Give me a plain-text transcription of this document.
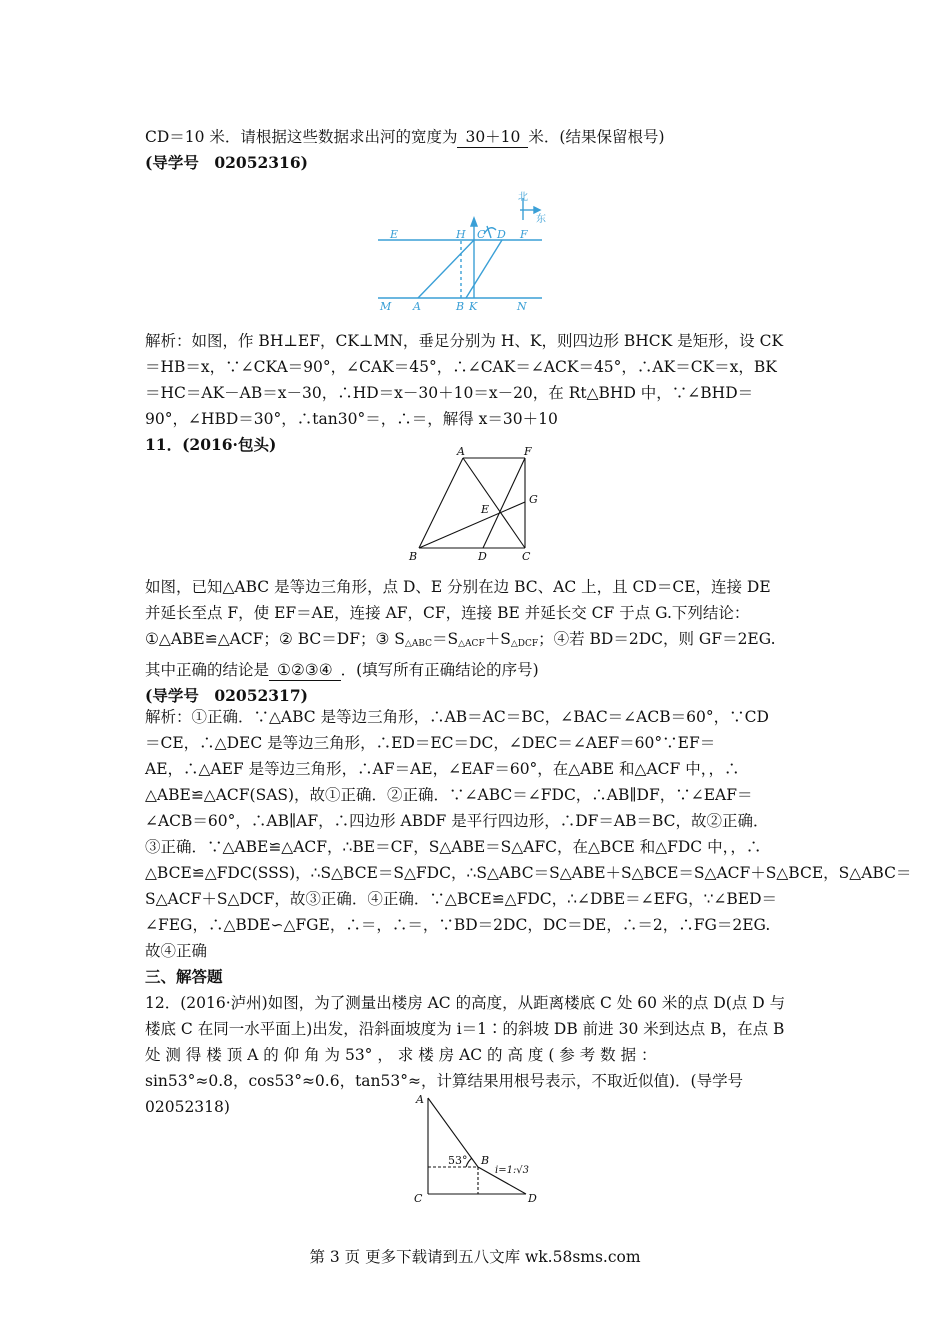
CD＝10 米．请根据这些数据求出河的宽度为 30＋10 米．(结果保留根号)
(导学号　02052316)
E	H C D F
M A	B K	N
北
东
解析：如图，作 BH⊥EF，CK⊥MN，垂足分别为 H、K，则四边形 BHCK 是矩形，设 CK
＝HB＝x，∵∠CKA＝90°，∠CAK＝45°，∴∠CAK＝∠ACK＝45°，∴AK＝CK＝x，BK
＝HC＝AK－AB＝x－30，∴HD＝x－30＋10＝x－20，在 Rt△BHD 中，∵∠BHD＝
90°，∠HBD＝30°，∴tan30°＝，∴＝，解得 x＝30＋10
11．(2016·包头)	A	F
G
E
B	D	C
如图，已知△ABC 是等边三角形，点 D、E 分别在边 BC、AC 上，且 CD＝CE，连接 DE
并延长至点 F，使 EF＝AE，连接 AF，CF，连接 BE 并延长交 CF 于点 G.下列结论：
①△ABE≌△ACF；② BC＝DF；③ $S_{\triangle ABC}=S_{\triangle ACF}+S_{\triangle DCF}$；④若 BD＝2DC，则 GF＝2EG.
其中正确的结论是 ①②③④ ．(填写所有正确结论的序号)
(导学号　02052317)
解析：①正确．∵△ABC 是等边三角形，∴AB＝AC＝BC，∠BAC＝∠ACB＝60°，∵CD
＝CE，∴△DEC 是等边三角形，∴ED＝EC＝DC，∠DEC＝∠AEF＝60°∵EF＝
AE，∴△AEF 是等边三角形，∴AF＝AE，∠EAF＝60°，在△ABE 和△ACF 中，，∴
△ABE≌△ACF(SAS)，故①正确．②正确．∵∠ABC＝∠FDC，∴AB∥DF，∵∠EAF＝
∠ACB＝60°，∴AB∥AF，∴四边形 ABDF 是平行四边形，∴DF＝AB＝BC，故②正确．
③正确．∵△ABE≌△ACF，∴BE＝CF，S△ABE＝S△AFC，在△BCE 和△FDC 中，，∴
△BCE≌△FDC(SSS)，∴S△BCE＝S△FDC，∴S△ABC＝S△ABE＋S△BCE＝S△ACF＋S△BCE，S△ABC＝
S△ACF＋S△DCF，故③正确．④正确．∵△BCE≌△FDC，∴∠DBE＝∠EFG，∵∠BED＝
∠FEG，∴△BDE∽△FGE，∴＝，∴＝，∵BD＝2DC，DC＝DE，∴＝2，∴FG＝2EG.
故④正确
三、解答题
12．(2016·泸州)如图，为了测量出楼房 AC 的高度，从距离楼底 C 处 60 米的点 D(点 D 与
楼底 C 在同一水平面上)出发，沿斜面坡度为 i＝1∶的斜坡 DB 前进 30 米到达点 B，在点 B
处 测 得 楼 顶 A 的 仰 角 为 53° ， 求 楼 房 AC 的 高 度 ( 参 考 数 据 ：
sin53°≈0.8，cos53°≈0.6，tan53°≈，计算结果用根号表示，不取近似值)．(导学号
02052318)	A
B
C	D
53°
i=1:√3
第 3 页 更多下载请到五八文库 wk.58sms.com
